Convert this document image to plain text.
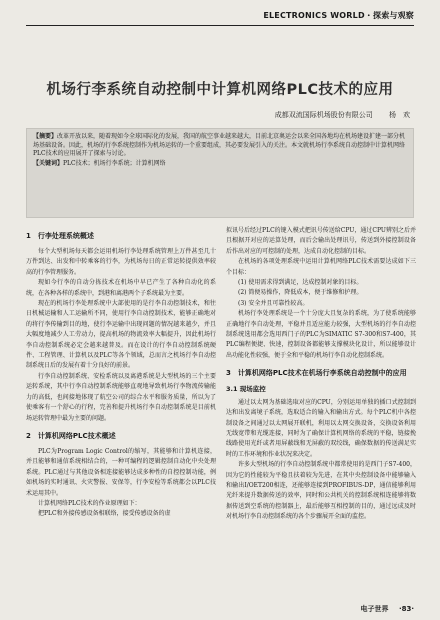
ELECTRONICS WORLD・探索与观察
机场行李系统自动控制中计算机网络PLC技术的应用
成都双流国际机场股份有限公司 杨　欢

【摘要】改革开放以来，随着现如今全球国际化的发展，我国的航空事业越来越大，目前北京奥运会以来全国各地均在机场建设扩建一部分机场基础设备。因此，机场的行李系统控制作为机场运转的一个重要组成，其必要发展引入的关注。本文就机场行李系统自动控制中计算机网络PLC技术的应用展开了探索与讨论。

【关键词】PLC技术；机场行李系统；计算机网络

1　行李处理系统概述

每个大型机场每天都会运用机场行李处理系统管理上万件甚至几十万件到达、出发和中转乘客的行李，为机场每日的正常运转提供效率较高的行李管理服务。

现如今行李的自动分拣技术在机场中早已产生了各种自动化的系统，在各种各样的系统中，到港和离港两个子系统最为主要。

现在的机场行李处理系统中大部使用的是行李自动控制技术，和往日机械运输和人工运输所不同，使用行李自动控制技术，能够正确地对的将行李传输到目的地，使行李运输中出现问题的情况越来越少，并且大幅度地减少人工劳动力，提高机场的物流效率大幅提升，因此机场行李自动控制系统必定会越来越普及。而在设计的行李自动控制系统硬件、工程管理、计算机以及PLC等各个领域，总而言之机场行李自动控制系统日后的发展有着十分良好的前景。

行李自动控制系统、安检系统以及离港系统是大型机场的三个主要运转系统，其中行李自动控制系统能够直观地导致机场行李物流传输能力的高低，也间接地体现了航空公司的综合水平和服务质量，所以为了使乘客有一个舒心的行程，完善和提升机场行李自动控制系统是目前机场运转管理中最为主要的问题。

2　计算机网络PLC技术概述

PLC为Program Logic Control的缩写，其能够和计算机连接，并且能够和通信系统相结合的，一种可编程的逻辑控制自动化中央处理系统。PLC通过与其他设备相连接能够达成多种性的自控控制功能，例如机场的实时通讯、火灾警报、安保等，行李安检等系统都会以PLC技术运用其中。

计算机网络PLC技术的作业原理如下：

把PLC和外接传感设备相联络，接受传感设备的虚

拟讯号后经过PLC的键入模式把讯号传送给CPU，通过CPU辨别之后并且根据开对应的运算处理，而后会输出处理讯号，传送到外接控制设备后作出对应的可控制的处理，达成自动化控制的目标。

在机场的各项处理系统中运用计算机网络PLC技术需要达成如下三个目标：

(1) 使用需求得到满足，达成控制对象的目标。

(2) 简便易操作，降低成本，便于维修和护理。

(3) 安全并且可靠性较高。

机场行李处理系统是一个十分庞大且复杂的系统，为了使系统能够正确地行李自动处理，平稳并且适应能力较强，大型机场的行李自动控制系统选用都会选用西门子的PLC为SIMATIC S7-300和S7-400，其PLC编程便捷、快速，控制设备都能够支撑模块化设计，所以能够设计出功能化性较强，便于全和平稳的机场行李自动化控制系统。

3　计算机网络PLC技术在机场行李系统自动控制中的应用
3.1 现场监控

通过以太网为基础选取对应的CPU，分别运用单独的插口式控制到达和出发离境子系统，选取适合的输入和输出方式。每个PLC机中各控制设备之间通过以太网展开联机，利用以太网交换设备，交换设备利用无线宽带和光缆连接，同时为了确保计算机网络的系统的平稳，链接挽线路使用光纤或者用屏蔽线和无屏蔽的双绞线，确保数据的传送满足实时的工作环境和作业状况来决定。

许多大型机场的行李自动控制系统中都常使用的是西门子S7-400，因为它的性能较为平稳且扶着较为先进，在其中央控制设备中能够输入和输出I/OET200相连，还能够连接到PROFIBUS-DP，通信能够利用光纤来提升数据传送的效率，同时和公共机关的控制系统相连能够将数据传送到空系统的控制器上，最后能够互相控制的目的，通过远成及时对机场行李自动控制系统的各个步骤展开全面的监控。

电子世界 ·83·
